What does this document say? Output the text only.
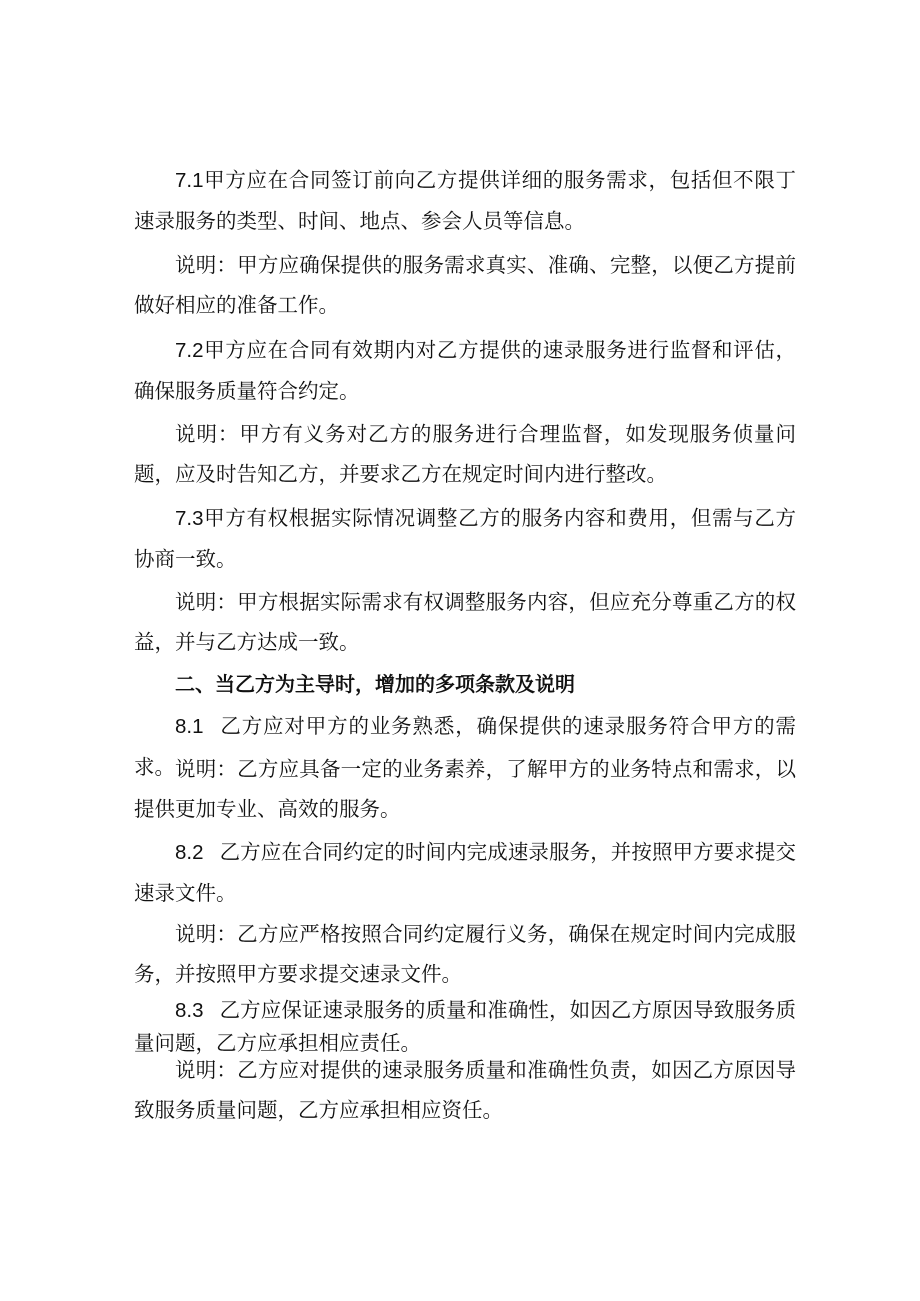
7.1甲方应在合同签订前向乙方提供详细的服务需求，包括但不限丁速录服务的类型、时间、地点、参会人员等信息。

说明：甲方应确保提供的服务需求真实、准确、完整，以便乙方提前做好相应的准备工作。

7.2甲方应在合同有效期内对乙方提供的速录服务进行监督和评估，确保服务质量符合约定。

说明：甲方有义务对乙方的服务进行合理监督，如发现服务侦量问题，应及时告知乙方，并要求乙方在规定时间内进行整改。

7.3甲方有权根据实际情况调整乙方的服务内容和费用，但需与乙方协商一致。

说明：甲方根据实际需求有权调整服务内容，但应充分尊重乙方的权益，并与乙方达成一致。

二、当乙方为主导时，增加的多项条款及说明

8.1 乙方应对甲方的业务熟悉，确保提供的速录服务符合甲方的需求。 说明：乙方应具备一定的业务素养，了解甲方的业务特点和需求，以提供更加专业、高效的服务。

8.2 乙方应在合同约定的时间内完成速录服务，并按照甲方要求提交速录文件。

说明：乙方应严格按照合同约定履行义务，确保在规定时间内完成服务，并按照甲方要求提交速录文件。

8.3 乙方应保证速录服务的质量和准确性，如因乙方原因导致服务质量问题，乙方应承担相应责任。

说明：乙方应对提供的速录服务质量和准确性负责，如因乙方原因导致服务质量问题，乙方应承担相应资任。
